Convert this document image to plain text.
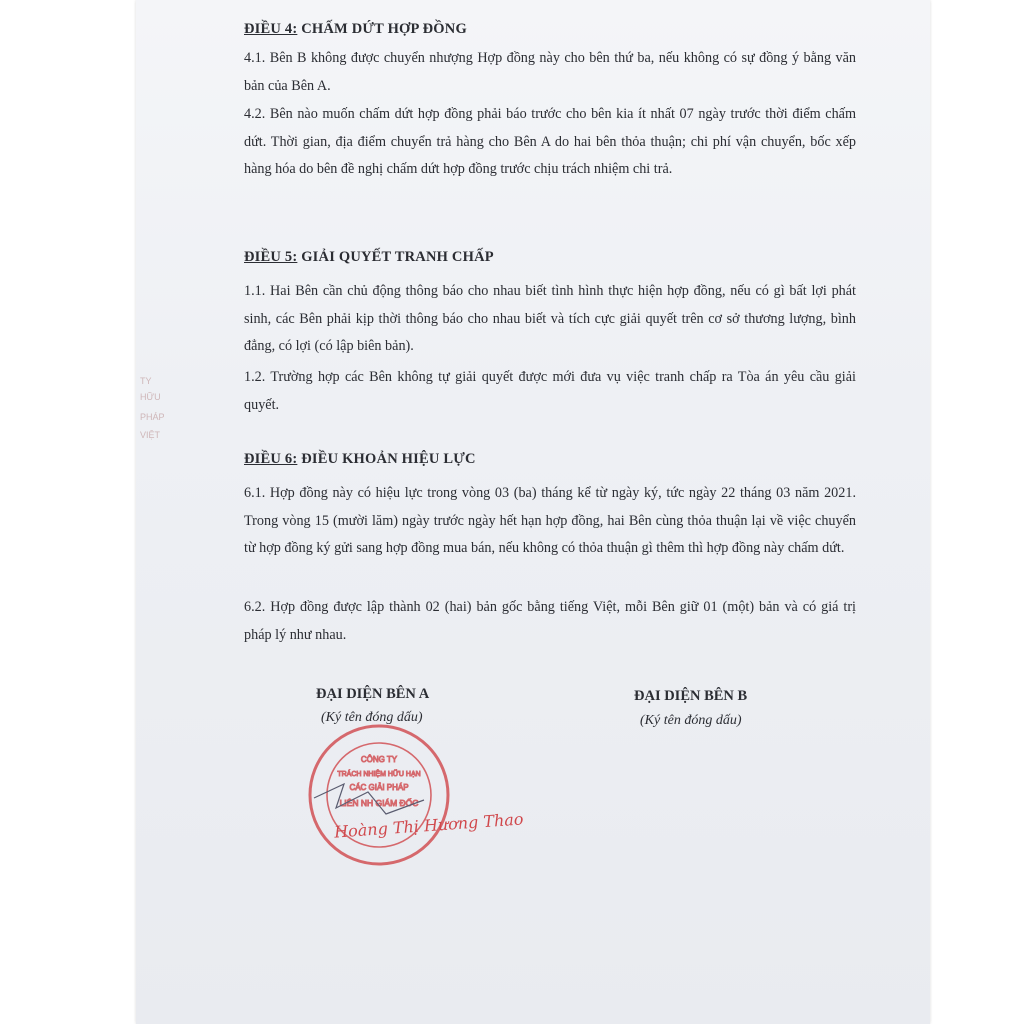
TY
HỮU
PHÁP
VIỆT
ĐIỀU 4: CHẤM DỨT HỢP ĐỒNG
4.1. Bên B không được chuyển nhượng Hợp đồng này cho bên thứ ba, nếu không có sự đồng ý bằng văn bản của Bên A.
4.2. Bên nào muốn chấm dứt hợp đồng phải báo trước cho bên kia ít nhất 07 ngày trước thời điểm chấm dứt. Thời gian, địa điểm chuyển trả hàng cho Bên A do hai bên thỏa thuận; chi phí vận chuyển, bốc xếp hàng hóa do bên đề nghị chấm dứt hợp đồng trước chịu trách nhiệm chi trả.
ĐIỀU 5: GIẢI QUYẾT TRANH CHẤP
1.1. Hai Bên cần chủ động thông báo cho nhau biết tình hình thực hiện hợp đồng, nếu có gì bất lợi phát sinh, các Bên phải kịp thời thông báo cho nhau biết và tích cực giải quyết trên cơ sở thương lượng, bình đẳng, có lợi (có lập biên bản).
1.2. Trường hợp các Bên không tự giải quyết được mới đưa vụ việc tranh chấp ra Tòa án yêu cầu giải quyết.
ĐIỀU 6: ĐIỀU KHOẢN HIỆU LỰC
6.1. Hợp đồng này có hiệu lực trong vòng 03 (ba) tháng kể từ ngày ký, tức ngày 22 tháng 03 năm 2021. Trong vòng 15 (mười lăm) ngày trước ngày hết hạn hợp đồng, hai Bên cùng thỏa thuận lại về việc chuyển từ hợp đồng ký gửi sang hợp đồng mua bán, nếu không có thỏa thuận gì thêm thì hợp đồng này chấm dứt.
6.2. Hợp đồng được lập thành 02 (hai) bản gốc bằng tiếng Việt, mỗi Bên giữ 01 (một) bản và có giá trị pháp lý như nhau.
ĐẠI DIỆN BÊN A
(Ký tên đóng dấu)
ĐẠI DIỆN BÊN B
(Ký tên đóng dấu)
CÔNG TY
TRÁCH NHIỆM HỮU HẠN
CÁC GIẢI PHÁP
LIÊN NH GIÁM ĐỐC
Hoàng Thị Hương Thao
